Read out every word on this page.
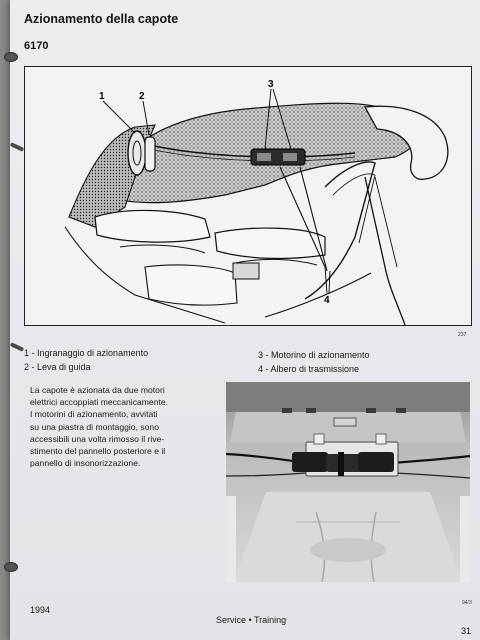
Azionamento della capote
6170
1	2
3
4
237
1 - Ingranaggio di azionamento
2 - Leva di guida
3 - Motorino di azionamento
4 - Albero di trasmissione
La capote è azionata da due motori
elettrici accoppiati meccanicamente.
I motorini di azionamento, avvitati
su una piastra di montaggio, sono
accessibili una volta rimosso il rive-
stimento del pannello posteriore e il
pannello di insonorizzazione.
94/3
1994
Service • Training
31
